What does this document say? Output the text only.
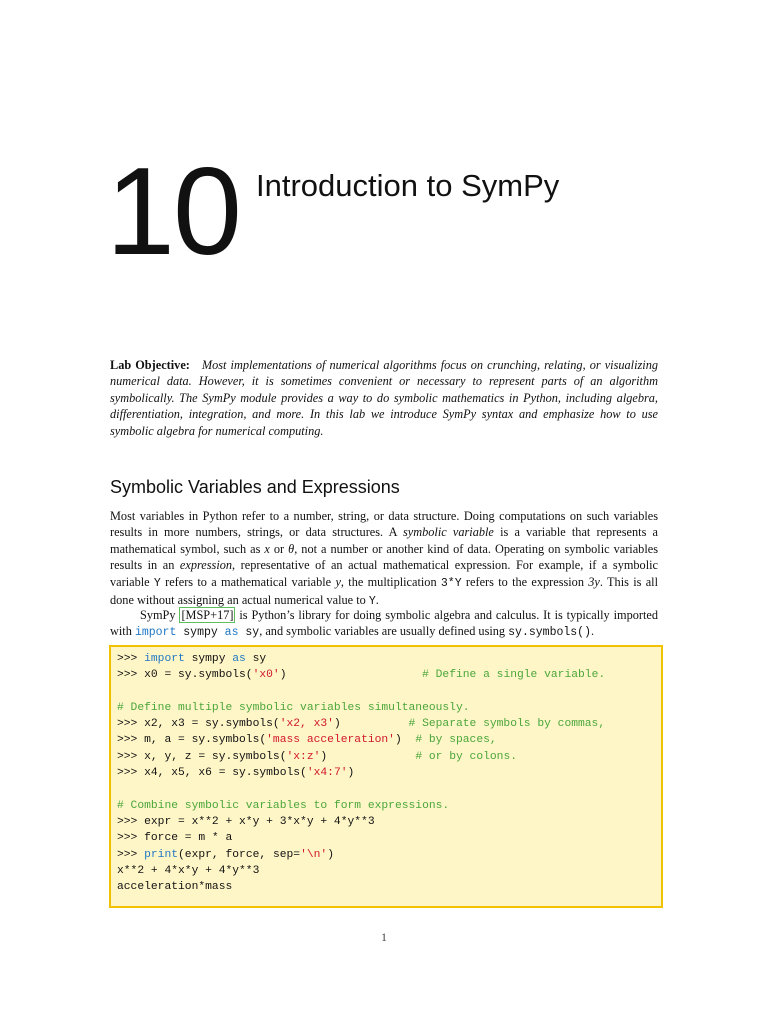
10 Introduction to SymPy
Lab Objective: Most implementations of numerical algorithms focus on crunching, relating, or visualizing numerical data. However, it is sometimes convenient or necessary to represent parts of an algorithm symbolically. The SymPy module provides a way to do symbolic mathematics in Python, including algebra, differentiation, integration, and more. In this lab we introduce SymPy syntax and emphasize how to use symbolic algebra for numerical computing.
Symbolic Variables and Expressions

Most variables in Python refer to a number, string, or data structure. Doing computations on such variables results in more numbers, strings, or data structures. A symbolic variable is a variable that represents a mathematical symbol, such as x or θ, not a number or another kind of data. Operating on symbolic variables results in an expression, representative of an actual mathematical expression. For example, if a symbolic variable Y refers to a mathematical variable y, the multiplication 3*Y refers to the expression 3y. This is all done without assigning an actual numerical value to Y.

SymPy [MSP+17] is Python’s library for doing symbolic algebra and calculus. It is typically imported with import sympy as sy, and symbolic variables are usually defined using sy.symbols().

>>> import sympy as sy
>>> x0 = sy.symbols('x0')                    # Define a single variable.
# Define multiple symbolic variables simultaneously.
>>> x2, x3 = sy.symbols('x2, x3')          # Separate symbols by commas,
>>> m, a = sy.symbols('mass acceleration')  # by spaces,
>>> x, y, z = sy.symbols('x:z')             # or by colons.
>>> x4, x5, x6 = sy.symbols('x4:7')
# Combine symbolic variables to form expressions.
>>> expr = x**2 + x*y + 3*x*y + 4*y**3
>>> force = m * a
>>> print(expr, force, sep='\n')
x**2 + 4*x*y + 4*y**3
acceleration*mass
1
